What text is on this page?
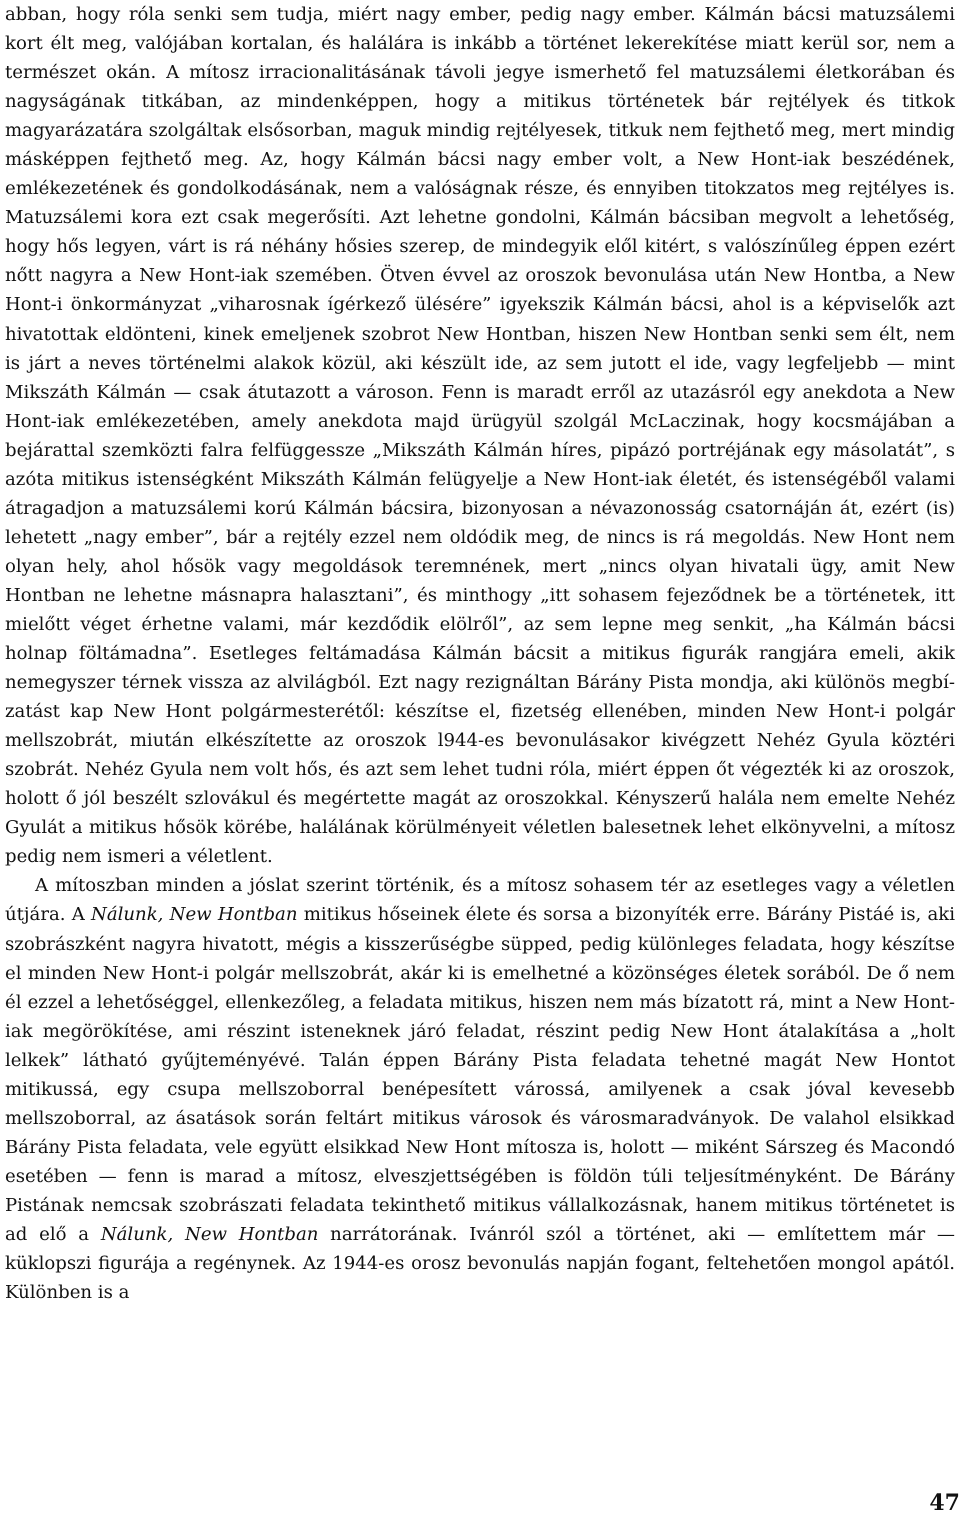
abban, hogy róla senki sem tudja, miért nagy ember, pedig nagy ember. Kálmán bácsi matuzsálemi kort élt meg, valójában kortalan, és halálára is inkább a történet lekerekítése miatt kerül sor, nem a természet okán. A mítosz irracionalitásának távoli jegye ismerhető fel matuzsálemi életkorában és nagyságának titkában, az mindenképpen, hogy a mitikus történetek bár rejtélyek és titkok magyarázatára szolgáltak elsősorban, maguk mindig rejtélyesek, titkuk nem fejthető meg, mert mindig másképpen fejthető meg. Az, hogy Kálmán bácsi nagy ember volt, a New Hont-iak beszédének, emlékezetének és gondolkodásának, nem a valóságnak része, és ennyiben titokzatos meg rejtélyes is. Matuzsálemi kora ezt csak megerősíti. Azt lehetne gondolni, Kálmán bácsiban megvolt a lehetőség, hogy hős legyen, várt is rá néhány hősies szerep, de mindegyik elől kitért, s valószínűleg éppen ezért nőtt nagyra a New Hont-iak szemében. Ötven évvel az oroszok bevonulása után New Hontba, a New Hont-i önkormányzat „viharosnak ígérkező ülésére” igyekszik Kálmán bácsi, ahol is a képviselők azt hivatottak eldönteni, kinek emeljenek szobrot New Hontban, hiszen New Hontban senki sem élt, nem is járt a neves történelmi alakok közül, aki készült ide, az sem jutott el ide, vagy legfeljebb — mint Mikszáth Kálmán — csak átutazott a városon. Fenn is maradt erről az utazásról egy anekdota a New Hont-iak emlékezetében, amely anekdota majd ürügyül szolgál McLaczinak, hogy kocsmájában a bejárattal szemközti falra felfüggessze „Mikszáth Kálmán híres, pipázó portréjának egy másolatát”, s azóta mitikus istenségként Mikszáth Kálmán felügyelje a New Hont-iak életét, és istenségéből valami átragadjon a matuzsálemi korú Kálmán bácsira, bizonyosan a névazonosság csatornáján át, ezért (is) lehetett „nagy ember”, bár a rejtély ezzel nem oldódik meg, de nincs is rá megoldás. New Hont nem olyan hely, ahol hősök vagy megoldások teremnének, mert „nincs olyan hivatali ügy, amit New Hontban ne lehetne másnapra halasztani”, és minthogy „itt sohasem fejeződnek be a történetek, itt mielőtt véget érhetne valami, már kezdődik elölről”, az sem lepne meg senkit, „ha Kálmán bácsi holnap föltámadna”. Esetleges feltámadása Kálmán bácsit a mitikus figurák rangjára emeli, akik nemegyszer térnek vissza az alvilágból. Ezt nagy rezignáltan Bárány Pista mondja, aki különös megbízatást kap New Hont polgármesterétől: készítse el, fizetség ellenében, minden New Hont-i polgár mellszobrát, miután elkészítette az oroszok l944-es bevonulásakor kivégzett Nehéz Gyula köztéri szobrát. Nehéz Gyula nem volt hős, és azt sem lehet tudni róla, miért éppen őt végezték ki az oroszok, holott ő jól beszélt szlovákul és megértette magát az oroszokkal. Kényszerű halála nem emelte Nehéz Gyulát a mitikus hősök körébe, halálának körülményeit véletlen balesetnek lehet elkönyvelni, a mítosz pedig nem ismeri a véletlent.

A mítoszban minden a jóslat szerint történik, és a mítosz sohasem tér az esetleges vagy a véletlen útjára. A Nálunk, New Hontban mitikus hőseinek élete és sorsa a bizonyíték erre. Bárány Pistáé is, aki szobrászként nagyra hivatott, mégis a kisszerűségbe süpped, pedig különleges feladata, hogy készítse el minden New Hont-i polgár mellszobrát, akár ki is emelhetné a közönséges életek sorából. De ő nem él ezzel a lehetőséggel, ellenkezőleg, a feladata mitikus, hiszen nem más bízatott rá, mint a New Hont-iak megörökítése, ami részint isteneknek járó feladat, részint pedig New Hont átalakítása a „holt lelkek” látható gyűjteményévé. Talán éppen Bárány Pista feladata tehetné magát New Hontot mitikussá, egy csupa mellszoborral benépesített várossá, amilyenek a csak jóval kevesebb mellszoborral, az ásatások során feltárt mitikus városok és városmaradványok. De valahol elsikkad Bárány Pista feladata, vele együtt elsikkad New Hont mítosza is, holott — miként Sárszeg és Macondó esetében — fenn is marad a mítosz, elveszjettségében is földön túli teljesítményként. De Bárány Pistának nemcsak szobrászati feladata tekinthető mitikus vállalkozásnak, hanem mitikus történetet is ad elő a Nálunk, New Hontban narrátorának. Ivánról szól a történet, aki — említettem már — küklopszi figurája a regénynek. Az 1944-es orosz bevonulás napján fogant, feltehetően mongol apától. Különben is a

47
